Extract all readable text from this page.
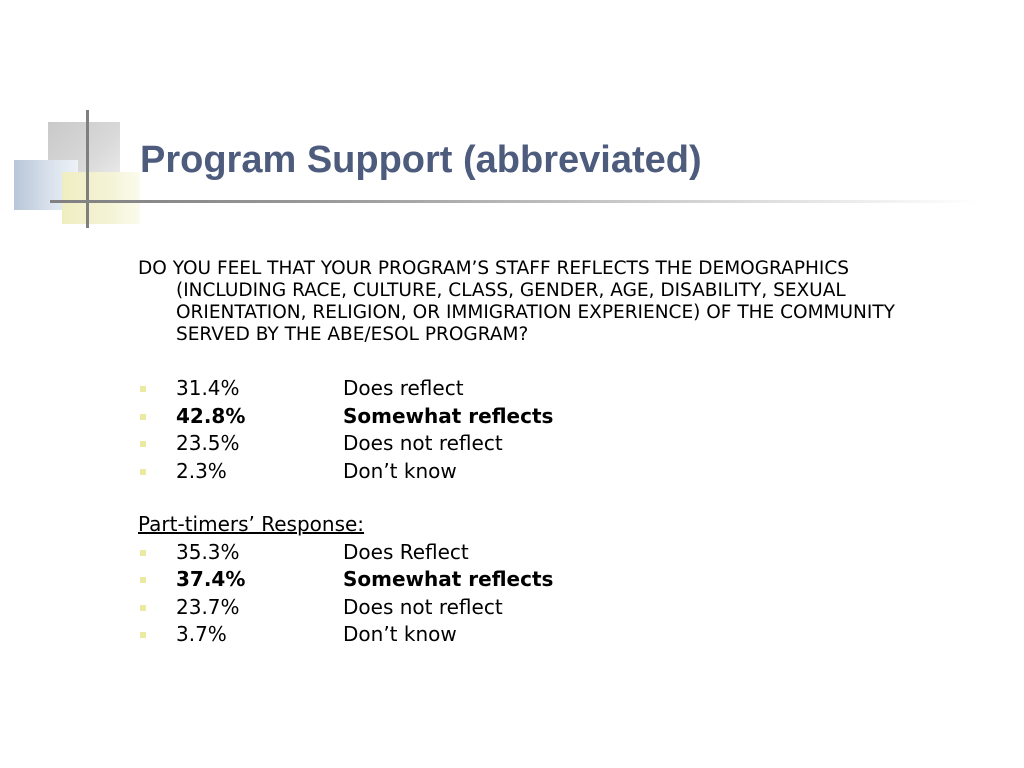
Program Support (abbreviated)

DO YOU FEEL THAT YOUR PROGRAM’S STAFF REFLECTS THE DEMOGRAPHICS (INCLUDING RACE, CULTURE, CLASS, GENDER, AGE, DISABILITY, SEXUAL ORIENTATION, RELIGION, OR IMMIGRATION EXPERIENCE) OF THE COMMUNITY SERVED BY THE ABE/ESOL PROGRAM?

31.4%	Does reflect
42.8%	Somewhat reflects
23.5%	Does not reflect
2.3%	Don’t know

Part-timers’ Response:

35.3%	Does Reflect
37.4%	Somewhat reflects
23.7%	Does not reflect
3.7%	Don’t know
